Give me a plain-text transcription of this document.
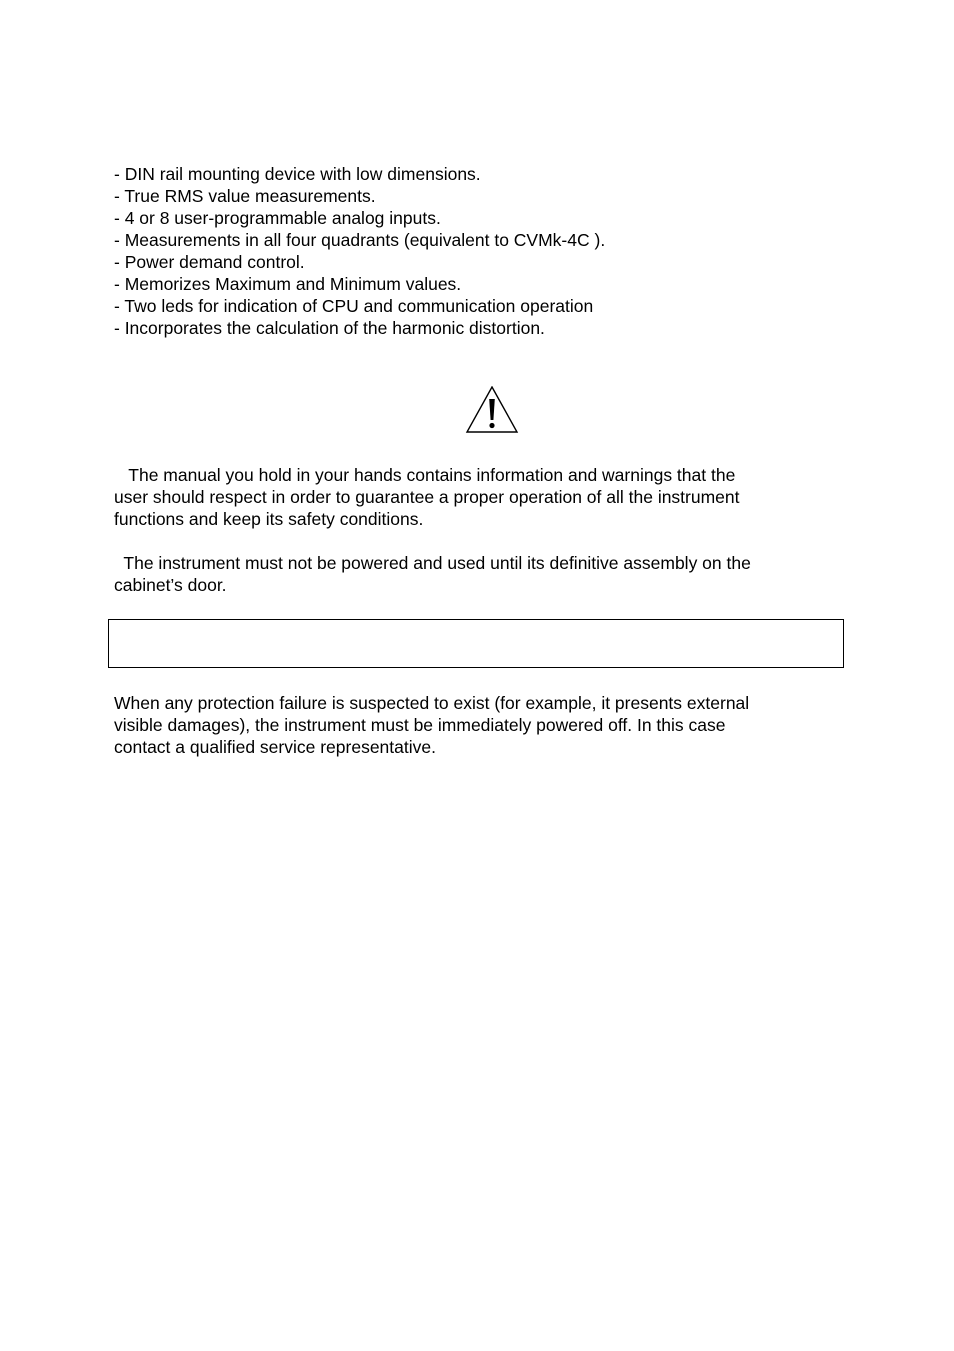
- DIN rail mounting device with low dimensions.
- True RMS value measurements.
- 4 or 8 user-programmable analog inputs.
- Measurements in all four quadrants (equivalent to CVMk-4C ).
- Power demand control.
- Memorizes Maximum and Minimum values.
- Two leds for indication of CPU and communication operation
- Incorporates the calculation of the harmonic distortion.

The manual you hold in your hands contains information and warnings that the
user should respect in order to guarantee a proper operation of all the instrument
functions and keep its safety conditions.

The instrument must not be powered and used until its definitive assembly on the
cabinet’s door.

When any protection failure is suspected to exist (for example, it presents external
visible damages), the instrument must be immediately powered off. In this case
contact a qualified service representative.
